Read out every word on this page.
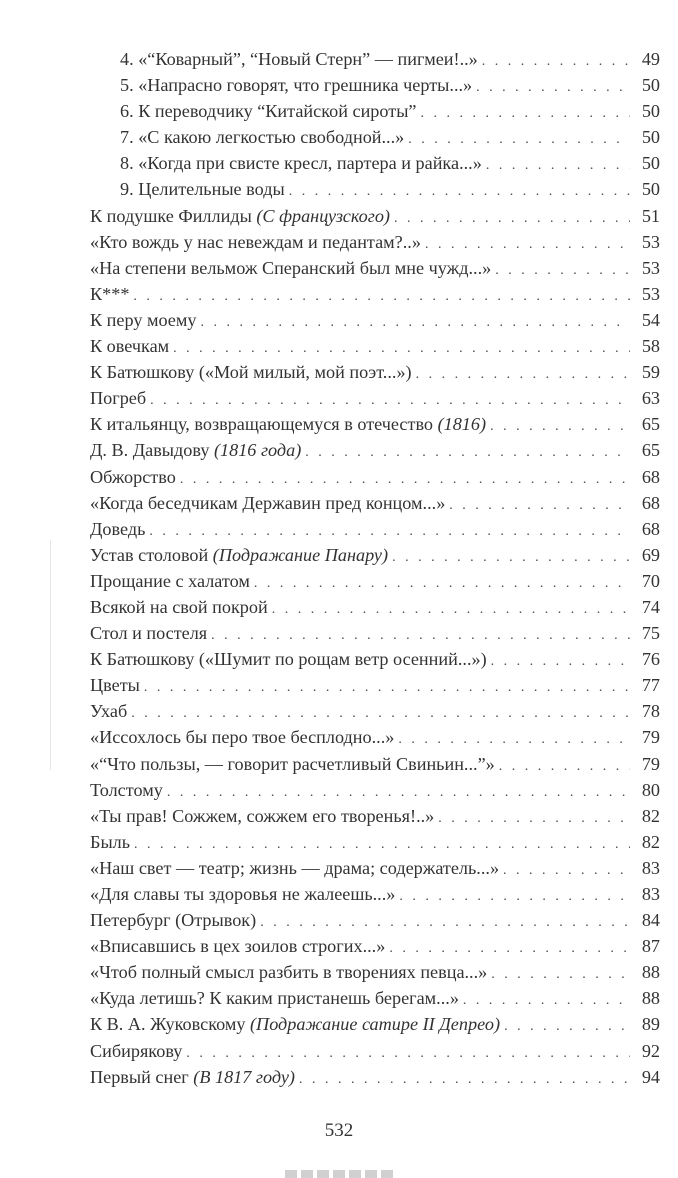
4. «“Коварный”, “Новый Стерн” — пигмеи!..» . . .	49
5. «Напрасно говорят, что грешника черты...» . . .	50
6. К переводчику “Китайской сироты” . . .	50
7. «С какою легкостью свободной...» . . .	50
8. «Когда при свисте кресл, партера и райка...» . . .	50
9. Целительные воды . . .	50
К подушке Филлиды (С французского) . . .	51
«Кто вождь у нас невеждам и педантам?..» . . .	53
«На степени вельмож Сперанский был мне чужд...» . . .	53
К*** . . .	53
К перу моему . . .	54
К овечкам . . .	58
К Батюшкову («Мой милый, мой поэт...») . . .	59
Погреб . . .	63
К итальянцу, возвращающемуся в отечество (1816) . . .	65
Д. В. Давыдову (1816 года) . . .	65
Обжорство . . .	68
«Когда беседчикам Державин пред концом...» . . .	68
Доведь . . .	68
Устав столовой (Подражание Панару) . . .	69
Прощание с халатом . . .	70
Всякой на свой покрой . . .	74
Стол и постеля . . .	75
К Батюшкову («Шумит по рощам ветр осенний...») . . .	76
Цветы . . .	77
Ухаб . . .	78
«Иссохлось бы перо твое бесплодно...» . . .	79
«“Что пользы, — говорит расчетливый Свиньин...”» . . .	79
Толстому . . .	80
«Ты прав! Сожжем, сожжем его творенья!..» . . .	82
Быль . . .	82
«Наш свет — театр; жизнь — драма; содержатель...» . . .	83
«Для славы ты здоровья не жалеешь...» . . .	83
Петербург (Отрывок) . . .	84
«Вписавшись в цех зоилов строгих...» . . .	87
«Чтоб полный смысл разбить в творениях певца...» . . .	88
«Куда летишь? К каким пристанешь берегам...» . . .	88
К В. А. Жуковскому (Подражание сатире II Депрео) . . .	89
Сибирякову . . .	92
Первый снег (В 1817 году) . . .	94
532
